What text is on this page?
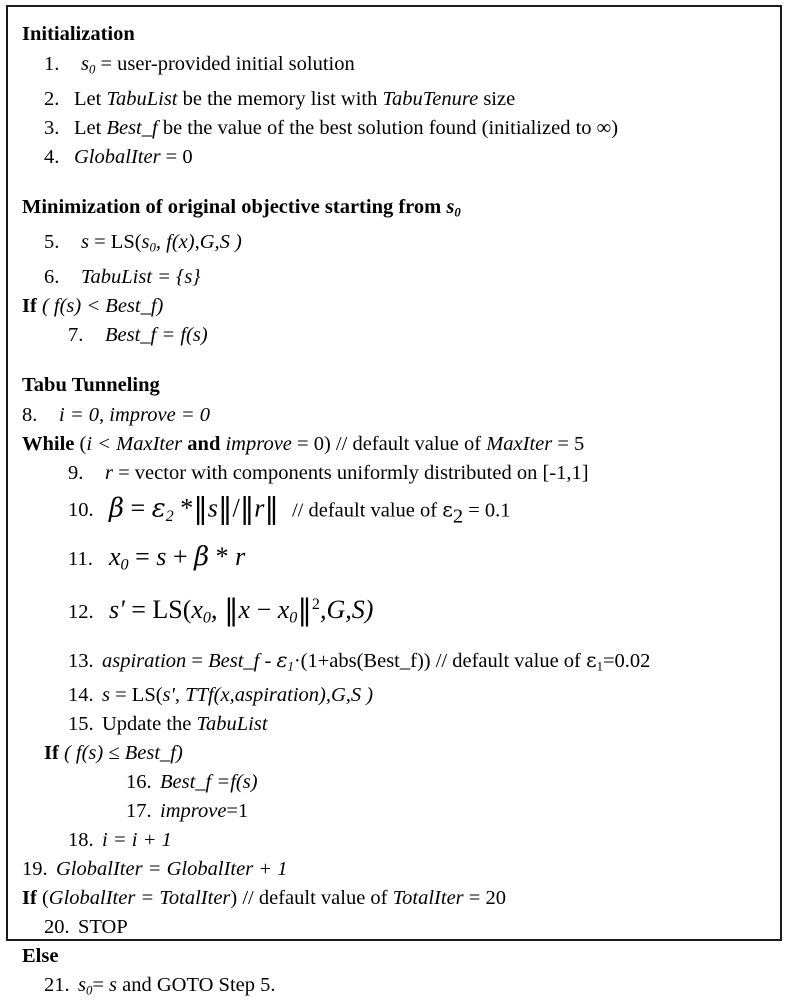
Initialization
1. $s_0$ = user-provided initial solution
2. Let TabuList be the memory list with TabuTenure size
3. Let Best_f be the value of the best solution found (initialized to ∞)
4. GlobalIter = 0
Minimization of original objective starting from $s_0$
5. $s = LS(s_0$, f(x),G,S )
6. TabuList = {s}
If ( f(s) < Best_f)
7. Best_f = f(s)
Tabu Tunneling
8. i = 0, improve = 0
While (i < MaxIter and improve = 0) // default value of MaxIter = 5
9. r = vector with components uniformly distributed on [-1,1]
10. $\beta = \varepsilon_2$ *‖s‖/‖r‖ // default value of $\varepsilon_2 = 0.1$
11. $x_0 = s + \beta * r$
12. $s' = LS(x_0$, ‖x − $x_0‖^2,G,S$)
13. aspiration = Best_f - $\varepsilon_1\cdot(1+abs(Best\_f))$ // default value of $\varepsilon_1=0.02$
14. s = LS(s', TTf(x,aspiration),G,S )
15. Update the TabuList
If ( f(s) ≤ Best_f)
16. Best_f =f(s)
17. improve=1
18. i = i + 1
19. GlobalIter = GlobalIter + 1
If (GlobalIter = TotalIter) // default value of TotalIter = 20
20. STOP
Else
21. $s_0= s$ and GOTO Step 5.
